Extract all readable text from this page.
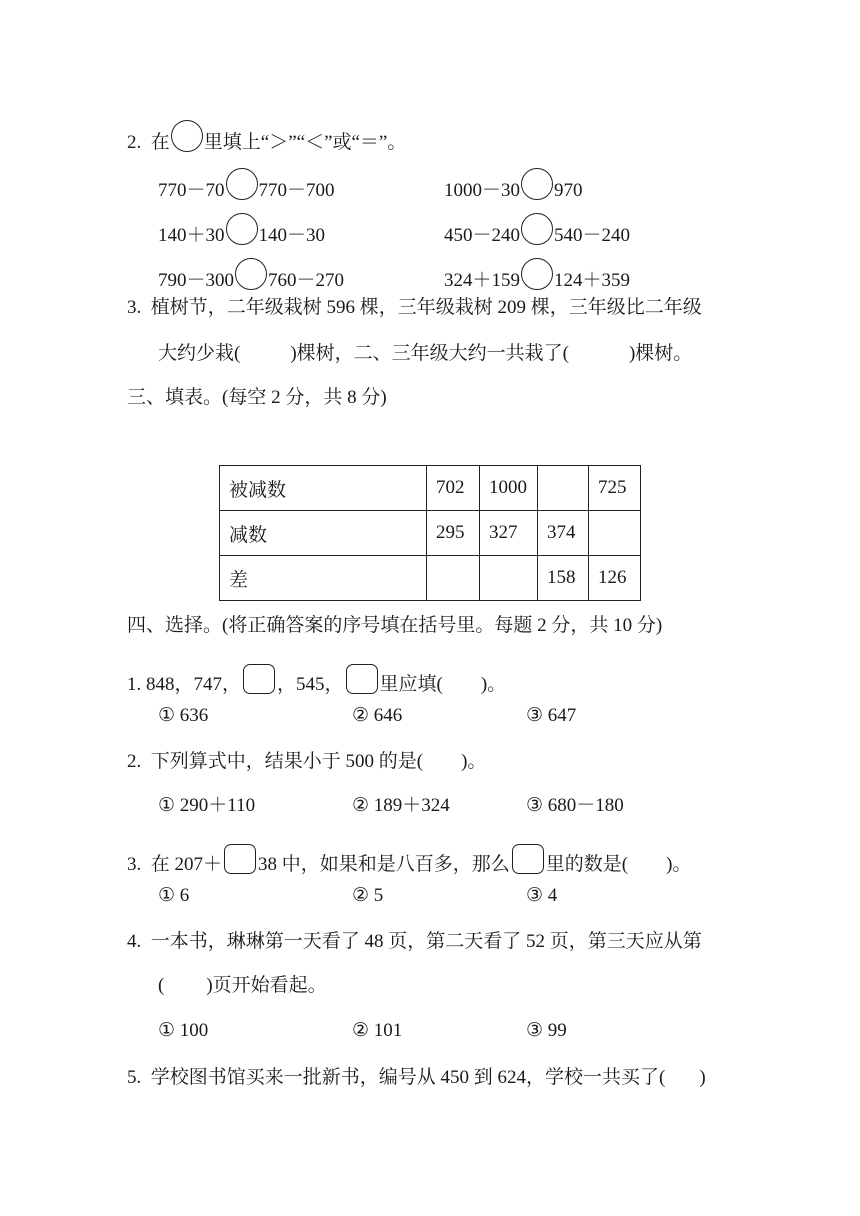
2. 在 里填上“＞”“＜”或“＝”。
770－70 770－700	1000－30 970
140＋30 140－30	450－240 540－240
790－300 760－270	324＋159 124＋359
3. 植树节，二年级栽树 596 棵，三年级栽树 209 棵，三年级比二年级
大约少栽(	)棵树，二、三年级大约一共栽了(	)棵树。
三、填表。(每空 2 分，共 8 分)
被减数	702	1000		725
减数	295	327	374	
差			158	126
四、选择。(将正确答案的序号填在括号里。每题 2 分，共 10 分)
1. 848，747， ，545， 里应填( )。
① 636	② 646	③ 647
2. 下列算式中，结果小于 500 的是( )。
① 290＋110	② 189＋324	③ 680－180
3. 在 207＋ 38 中，如果和是八百多，那么 里的数是( )。
① 6	② 5	③ 4
4. 一本书，琳琳第一天看了 48 页，第二天看了 52 页，第三天应从第
( )页开始看起。
① 100	② 101	③ 99
5. 学校图书馆买来一批新书，编号从 450 到 624，学校一共买了( )
